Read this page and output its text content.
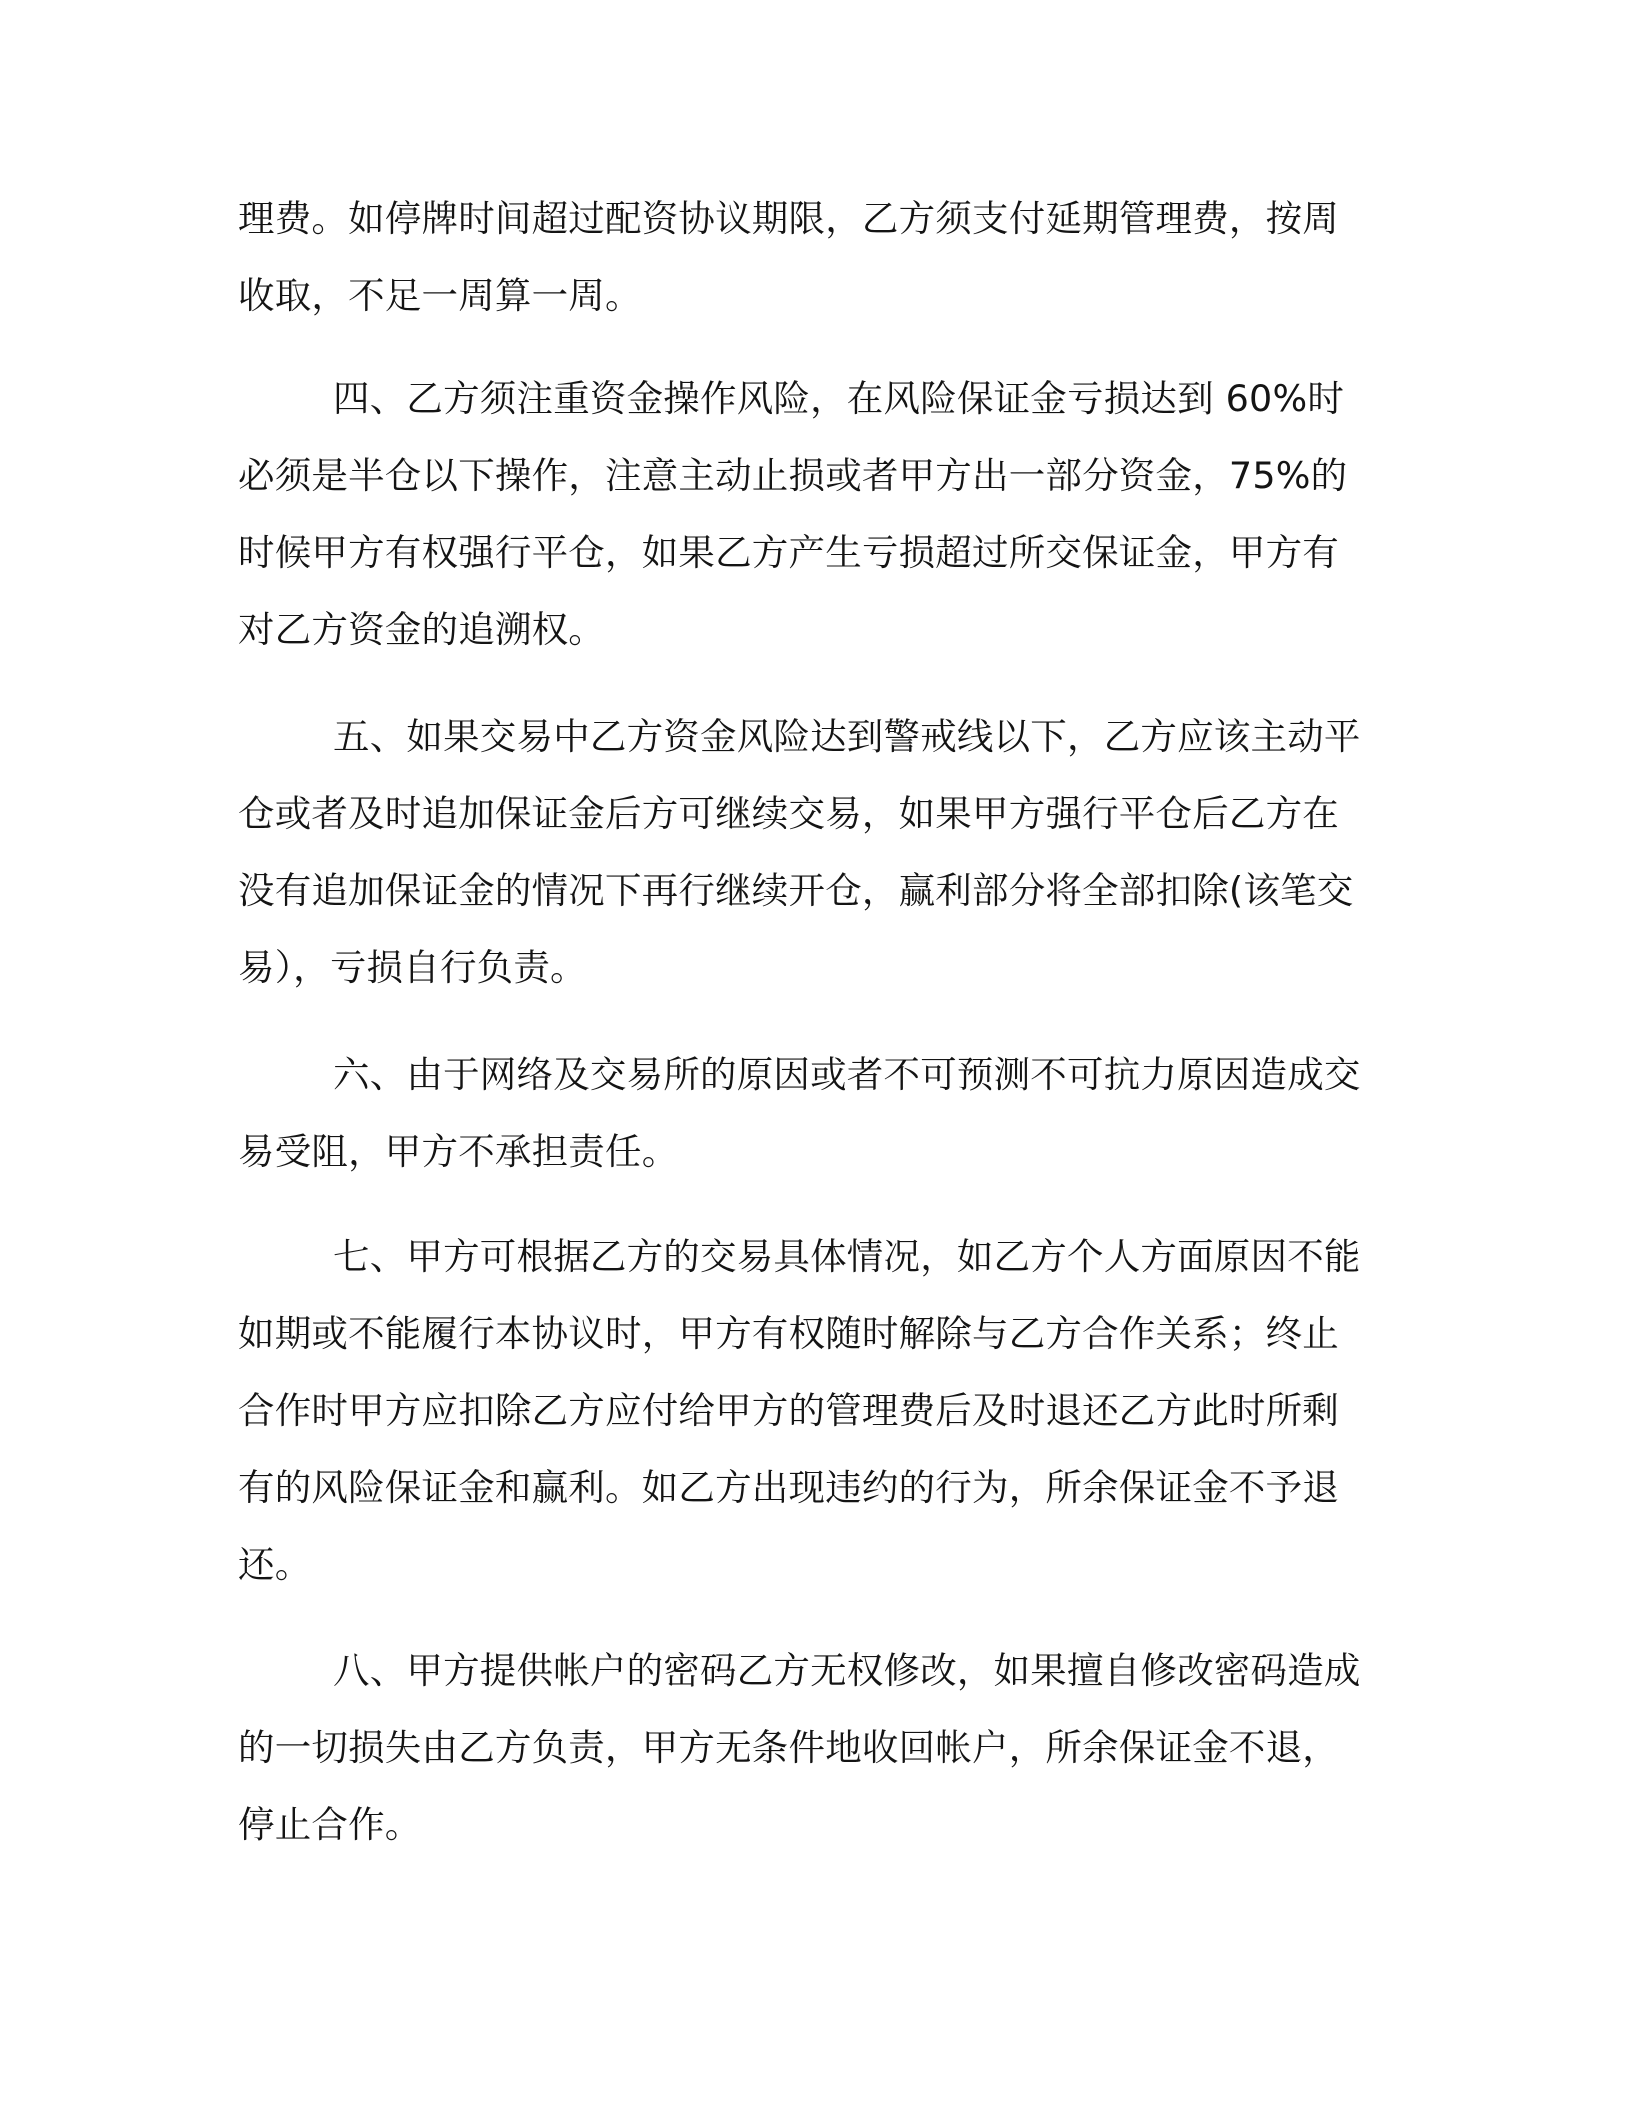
理费。如停牌时间超过配资协议期限，乙方须支付延期管理费，按周
收取，不足一周算一周。
四、乙方须注重资金操作风险，在风险保证金亏损达到 60%时
必须是半仓以下操作，注意主动止损或者甲方出一部分资金，75%的
时候甲方有权强行平仓，如果乙方产生亏损超过所交保证金，甲方有
对乙方资金的追溯权。
五、如果交易中乙方资金风险达到警戒线以下，乙方应该主动平
仓或者及时追加保证金后方可继续交易，如果甲方强行平仓后乙方在
没有追加保证金的情况下再行继续开仓，赢利部分将全部扣除(该笔交
易），亏损自行负责。
六、由于网络及交易所的原因或者不可预测不可抗力原因造成交
易受阻，甲方不承担责任。
七、甲方可根据乙方的交易具体情况，如乙方个人方面原因不能
如期或不能履行本协议时，甲方有权随时解除与乙方合作关系；终止
合作时甲方应扣除乙方应付给甲方的管理费后及时退还乙方此时所剩
有的风险保证金和赢利。如乙方出现违约的行为，所余保证金不予退
还。
八、甲方提供帐户的密码乙方无权修改，如果擅自修改密码造成
的一切损失由乙方负责，甲方无条件地收回帐户，所余保证金不退，
停止合作。
